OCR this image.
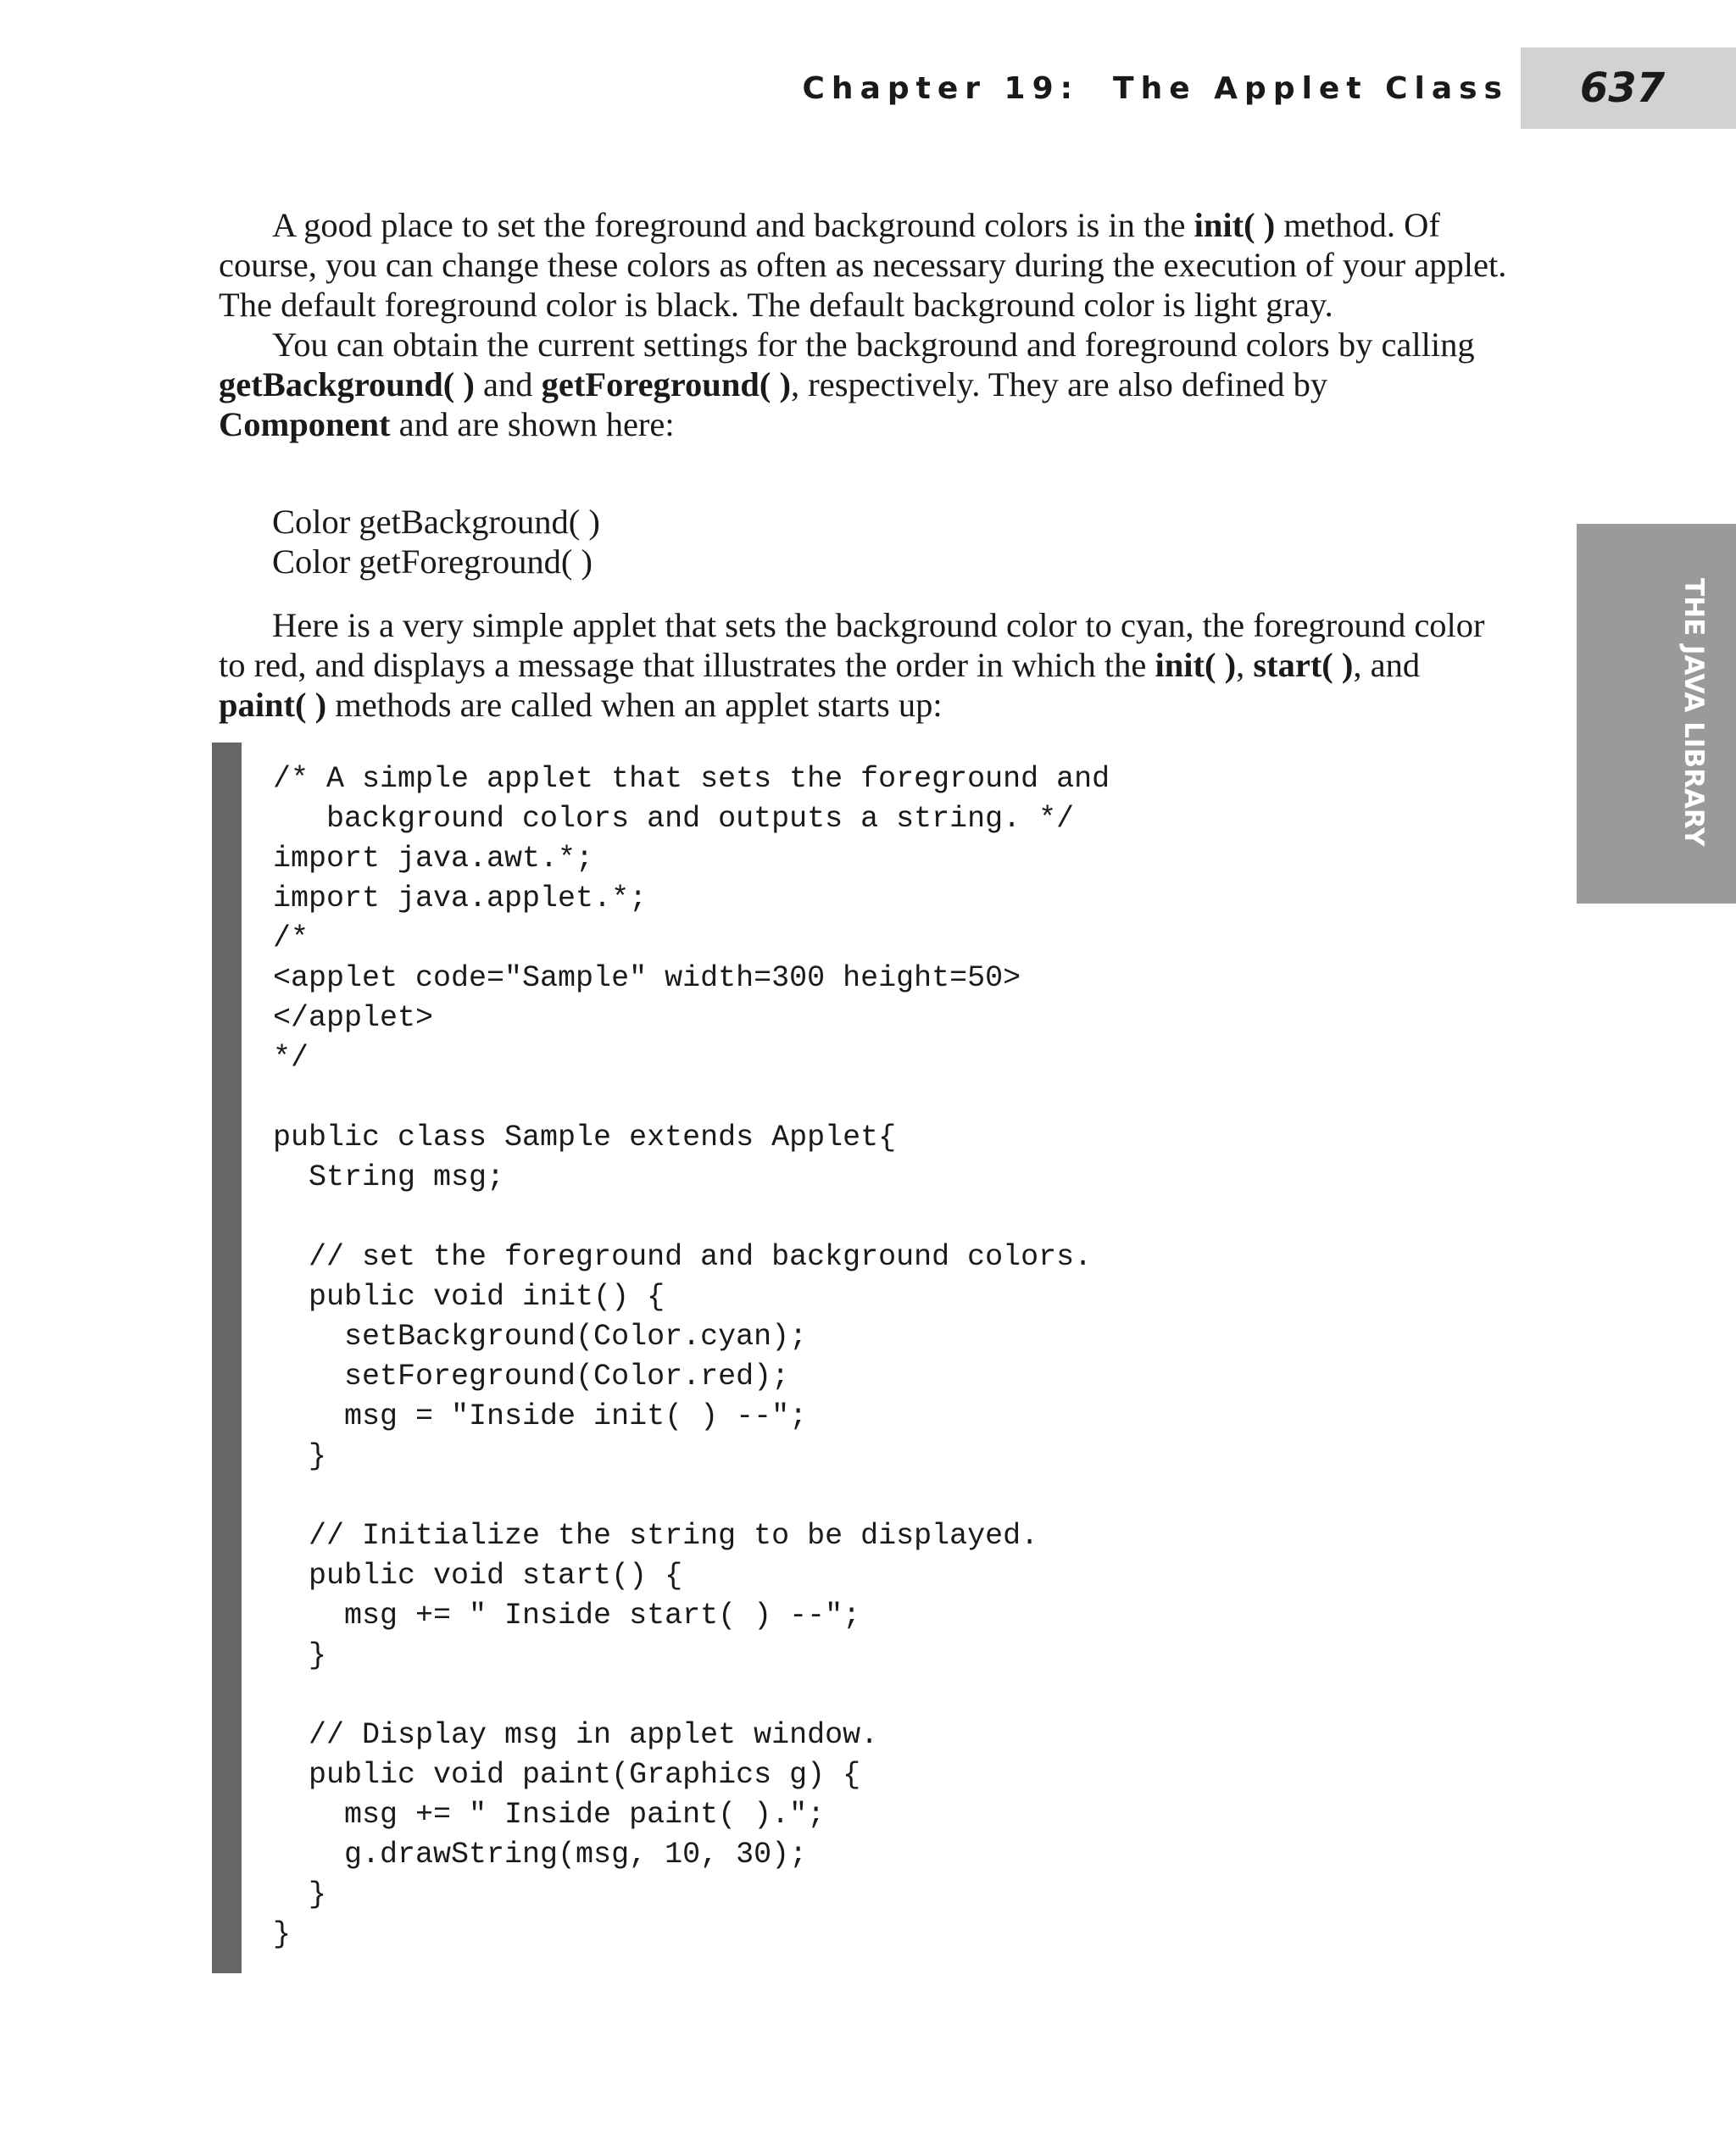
Chapter 19: The Applet Class 637
THE JAVA LIBRARY

A good place to set the foreground and background colors is in the init( ) method. Of course, you can change these colors as often as necessary during the execution of your applet. The default foreground color is black. The default background color is light gray.

You can obtain the current settings for the background and foreground colors by calling getBackground( ) and getForeground( ), respectively. They are also defined by Component and are shown here:

Color getBackground( )
Color getForeground( )

Here is a very simple applet that sets the background color to cyan, the foreground color to red, and displays a message that illustrates the order in which the init( ), start( ), and paint( ) methods are called when an applet starts up:

/* A simple applet that sets the foreground and
background colors and outputs a string. */
import java.awt.*;
import java.applet.*;
/*
<applet code="Sample" width=300 height=50>
</applet>
*/
public class Sample extends Applet{
String msg;
// set the foreground and background colors.
public void init() {
setBackground(Color.cyan);
setForeground(Color.red);
msg = "Inside init( ) --";
}
// Initialize the string to be displayed.
public void start() {
msg += " Inside start( ) --";
}
// Display msg in applet window.
public void paint(Graphics g) {
msg += " Inside paint( ).";
g.drawString(msg, 10, 30);
}
}
